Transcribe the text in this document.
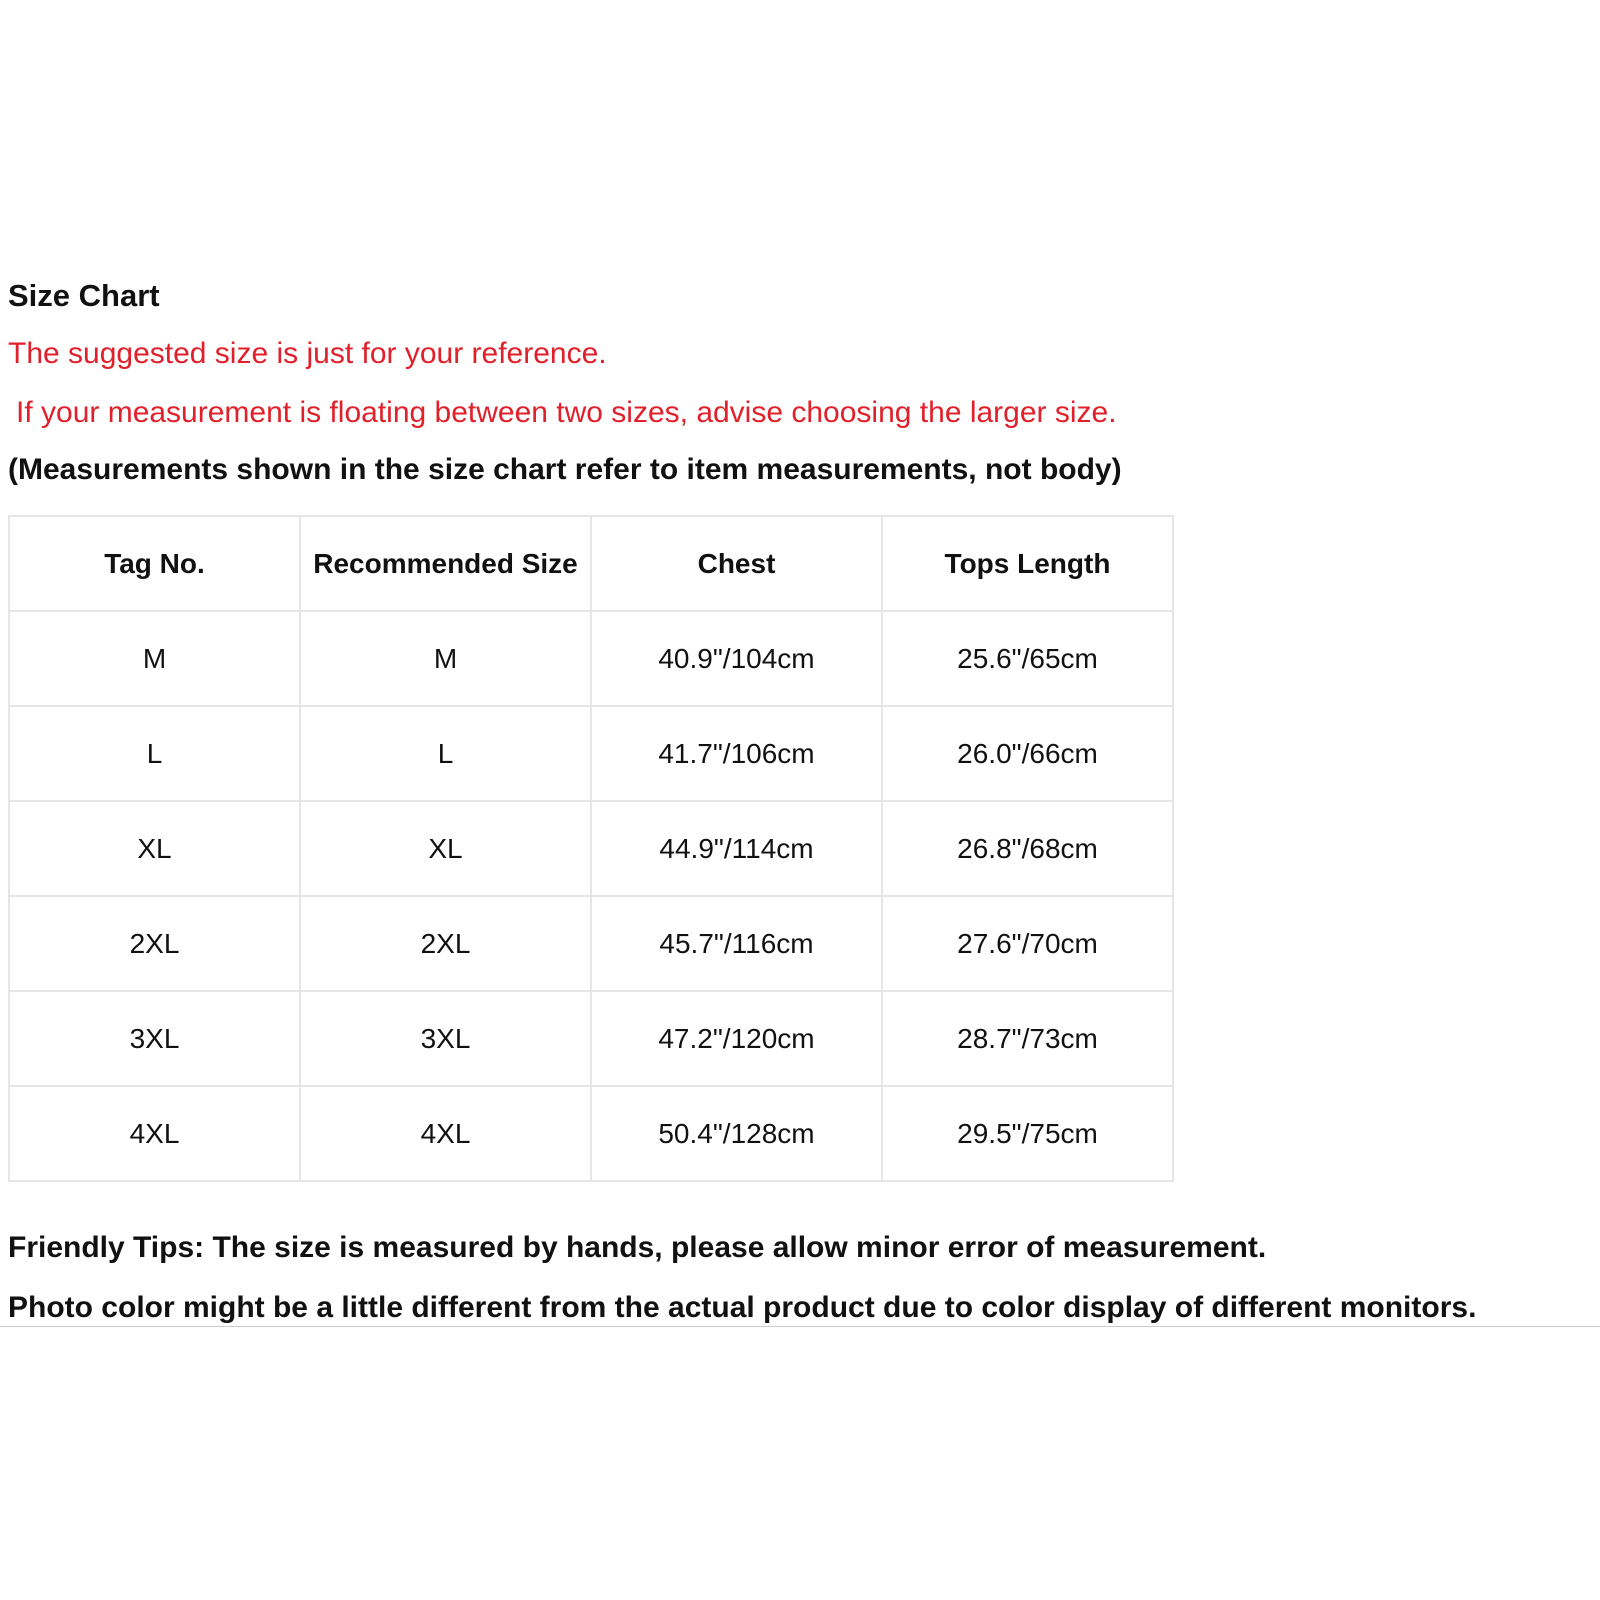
Size Chart

The suggested size is just for your reference.

If your measurement is floating between two sizes, advise choosing the larger size.

(Measurements shown in the size chart refer to item measurements, not body)

Tag No.	Recommended Size	Chest	Tops Length
M	M	40.9"/104cm	25.6"/65cm
L	L	41.7"/106cm	26.0"/66cm
XL	XL	44.9"/114cm	26.8"/68cm
2XL	2XL	45.7"/116cm	27.6"/70cm
3XL	3XL	47.2"/120cm	28.7"/73cm
4XL	4XL	50.4"/128cm	29.5"/75cm

Friendly Tips: The size is measured by hands, please allow minor error of measurement.

Photo color might be a little different from the actual product due to color display of different monitors.
